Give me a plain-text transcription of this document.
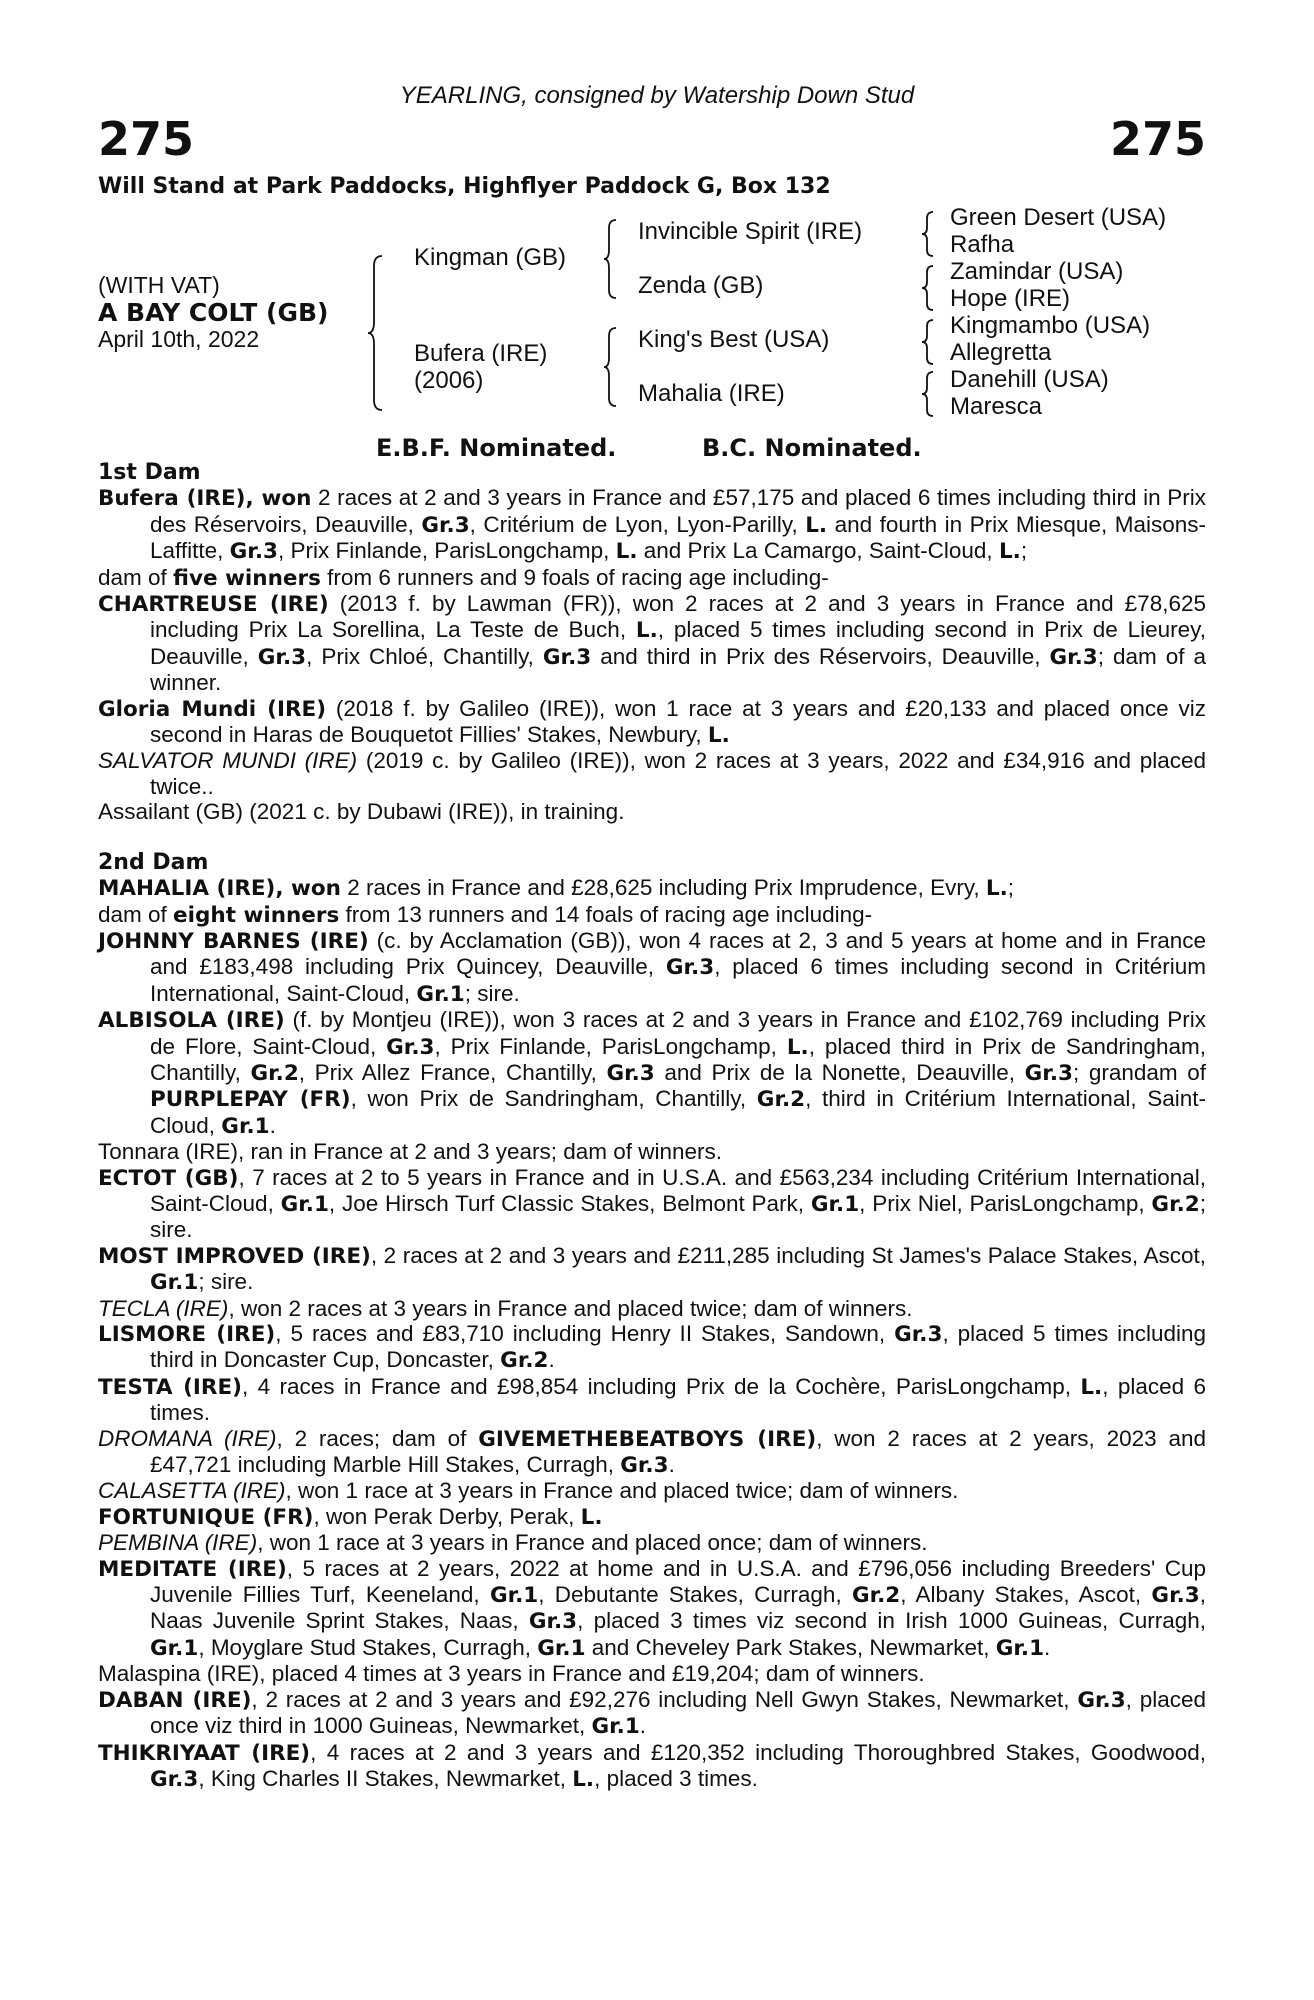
YEARLING, consigned by Watership Down Stud
275	275
Will Stand at Park Paddocks, Highflyer Paddock G, Box 132
(WITH VAT)
A BAY COLT (GB)
April 10th, 2022
Kingman (GB)
Bufera (IRE)
(2006)
Invincible Spirit (IRE)
Zenda (GB)
King's Best (USA)
Mahalia (IRE)
Green Desert (USA)
Rafha
Zamindar (USA)
Hope (IRE)
Kingmambo (USA)
Allegretta
Danehill (USA)
Maresca
E.B.F. Nominated.	B.C. Nominated.

1st Dam

Bufera (IRE), won 2 races at 2 and 3 years in France and £57,175 and placed 6 times including third in Prix des Réservoirs, Deauville, Gr.3, Critérium de Lyon, Lyon-Parilly, L. and fourth in Prix Miesque, Maisons-Laffitte, Gr.3, Prix Finlande, ParisLongchamp, L. and Prix La Camargo, Saint-Cloud, L.;

dam of five winners from 6 runners and 9 foals of racing age including-

CHARTREUSE (IRE) (2013 f. by Lawman (FR)), won 2 races at 2 and 3 years in France and £78,625 including Prix La Sorellina, La Teste de Buch, L., placed 5 times including second in Prix de Lieurey, Deauville, Gr.3, Prix Chloé, Chantilly, Gr.3 and third in Prix des Réservoirs, Deauville, Gr.3; dam of a winner.

Gloria Mundi (IRE) (2018 f. by Galileo (IRE)), won 1 race at 3 years and £20,133 and placed once viz second in Haras de Bouquetot Fillies' Stakes, Newbury, L.

SALVATOR MUNDI (IRE) (2019 c. by Galileo (IRE)), won 2 races at 3 years, 2022 and £34,916 and placed twice..

Assailant (GB) (2021 c. by Dubawi (IRE)), in training.

2nd Dam

MAHALIA (IRE), won 2 races in France and £28,625 including Prix Imprudence, Evry, L.;

dam of eight winners from 13 runners and 14 foals of racing age including-

JOHNNY BARNES (IRE) (c. by Acclamation (GB)), won 4 races at 2, 3 and 5 years at home and in France and £183,498 including Prix Quincey, Deauville, Gr.3, placed 6 times including second in Critérium International, Saint-Cloud, Gr.1; sire.

ALBISOLA (IRE) (f. by Montjeu (IRE)), won 3 races at 2 and 3 years in France and £102,769 including Prix de Flore, Saint-Cloud, Gr.3, Prix Finlande, ParisLongchamp, L., placed third in Prix de Sandringham, Chantilly, Gr.2, Prix Allez France, Chantilly, Gr.3 and Prix de la Nonette, Deauville, Gr.3; grandam of PURPLEPAY (FR), won Prix de Sandringham, Chantilly, Gr.2, third in Critérium International, Saint-Cloud, Gr.1.

Tonnara (IRE), ran in France at 2 and 3 years; dam of winners.

ECTOT (GB), 7 races at 2 to 5 years in France and in U.S.A. and £563,234 including Critérium International, Saint-Cloud, Gr.1, Joe Hirsch Turf Classic Stakes, Belmont Park, Gr.1, Prix Niel, ParisLongchamp, Gr.2; sire.

MOST IMPROVED (IRE), 2 races at 2 and 3 years and £211,285 including St James's Palace Stakes, Ascot, Gr.1; sire.

TECLA (IRE), won 2 races at 3 years in France and placed twice; dam of winners.

LISMORE (IRE), 5 races and £83,710 including Henry II Stakes, Sandown, Gr.3, placed 5 times including third in Doncaster Cup, Doncaster, Gr.2.

TESTA (IRE), 4 races in France and £98,854 including Prix de la Cochère, ParisLongchamp, L., placed 6 times.

DROMANA (IRE), 2 races; dam of GIVEMETHEBEATBOYS (IRE), won 2 races at 2 years, 2023 and £47,721 including Marble Hill Stakes, Curragh, Gr.3.

CALASETTA (IRE), won 1 race at 3 years in France and placed twice; dam of winners.

FORTUNIQUE (FR), won Perak Derby, Perak, L.

PEMBINA (IRE), won 1 race at 3 years in France and placed once; dam of winners.

MEDITATE (IRE), 5 races at 2 years, 2022 at home and in U.S.A. and £796,056 including Breeders' Cup Juvenile Fillies Turf, Keeneland, Gr.1, Debutante Stakes, Curragh, Gr.2, Albany Stakes, Ascot, Gr.3, Naas Juvenile Sprint Stakes, Naas, Gr.3, placed 3 times viz second in Irish 1000 Guineas, Curragh, Gr.1, Moyglare Stud Stakes, Curragh, Gr.1 and Cheveley Park Stakes, Newmarket, Gr.1.

Malaspina (IRE), placed 4 times at 3 years in France and £19,204; dam of winners.

DABAN (IRE), 2 races at 2 and 3 years and £92,276 including Nell Gwyn Stakes, Newmarket, Gr.3, placed once viz third in 1000 Guineas, Newmarket, Gr.1.

THIKRIYAAT (IRE), 4 races at 2 and 3 years and £120,352 including Thoroughbred Stakes, Goodwood, Gr.3, King Charles II Stakes, Newmarket, L., placed 3 times.
